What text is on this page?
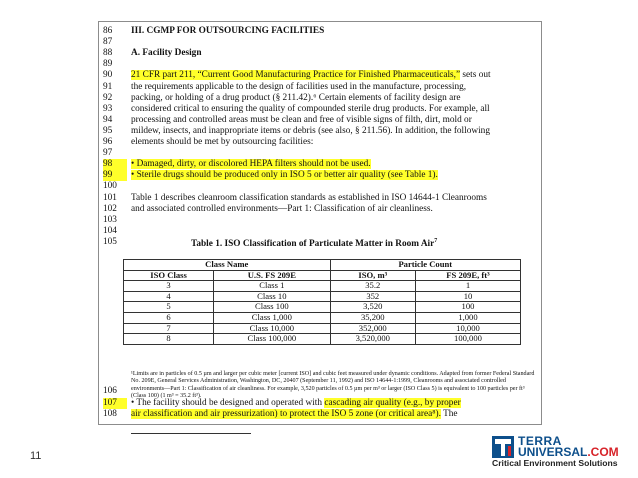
86	III. CGMP FOR OUTSOURCING FACILITIES
87
88	A. Facility Design
89
90	21 CFR part 211, “Current Good Manufacturing Practice for Finished Pharmaceuticals,” sets out
91	the requirements applicable to the design of facilities used in the manufacture, processing,
92	packing, or holding of a drug product (§ 211.42).⁶ Certain elements of facility design are
93	considered critical to ensuring the quality of compounded sterile drug products. For example, all
94	processing and controlled areas must be clean and free of visible signs of filth, dirt, mold or
95	mildew, insects, and inappropriate items or debris (see also, § 211.56). In addition, the following
96	elements should be met by outsourcing facilities:
97
98	• Damaged, dirty, or discolored HEPA filters should not be used.
99	• Sterile drugs should be produced only in ISO 5 or better air quality (see Table 1).
100
101	Table 1 describes cleanroom classification standards as established in ISO 14644-1 Cleanrooms
102	and associated controlled environments—Part 1: Classification of air cleanliness.
103
104
105	Table 1. ISO Classification of Particulate Matter in Room Air$^7$
Class Name		Particle Count	
ISO Class	U.S. FS 209E	ISO, m³	FS 209E, ft³
3	Class 1	35.2	1
4	Class 10	352	10
5	Class 100	3,520	100
6	Class 1,000	35,200	1,000
7	Class 10,000	352,000	10,000
8	Class 100,000	3,520,000	100,000
¹Limits are in particles of 0.5 µm and larger per cubic meter [current ISO] and cubic feet measured under dynamic conditions. Adapted from former Federal Standard No. 209E, General Services Administration, Washington, DC, 20407 (September 11, 1992) and ISO 14644-1:1999, Cleanrooms and associated controlled environments—Part 1: Classification of air cleanliness. For example, 3,520 particles of 0.5 µm per m³ or larger (ISO Class 5) is equivalent to 100 particles per ft³ (Class 100) (1 m³ = 35.2 ft³).
106
107	• The facility should be designed and operated with cascading air quality (e.g., by proper
108	air classification and air pressurization) to protect the ISO 5 zone (or critical area⁸). The
11
TERRA
UNIVERSAL.COM
Critical Environment Solutions
